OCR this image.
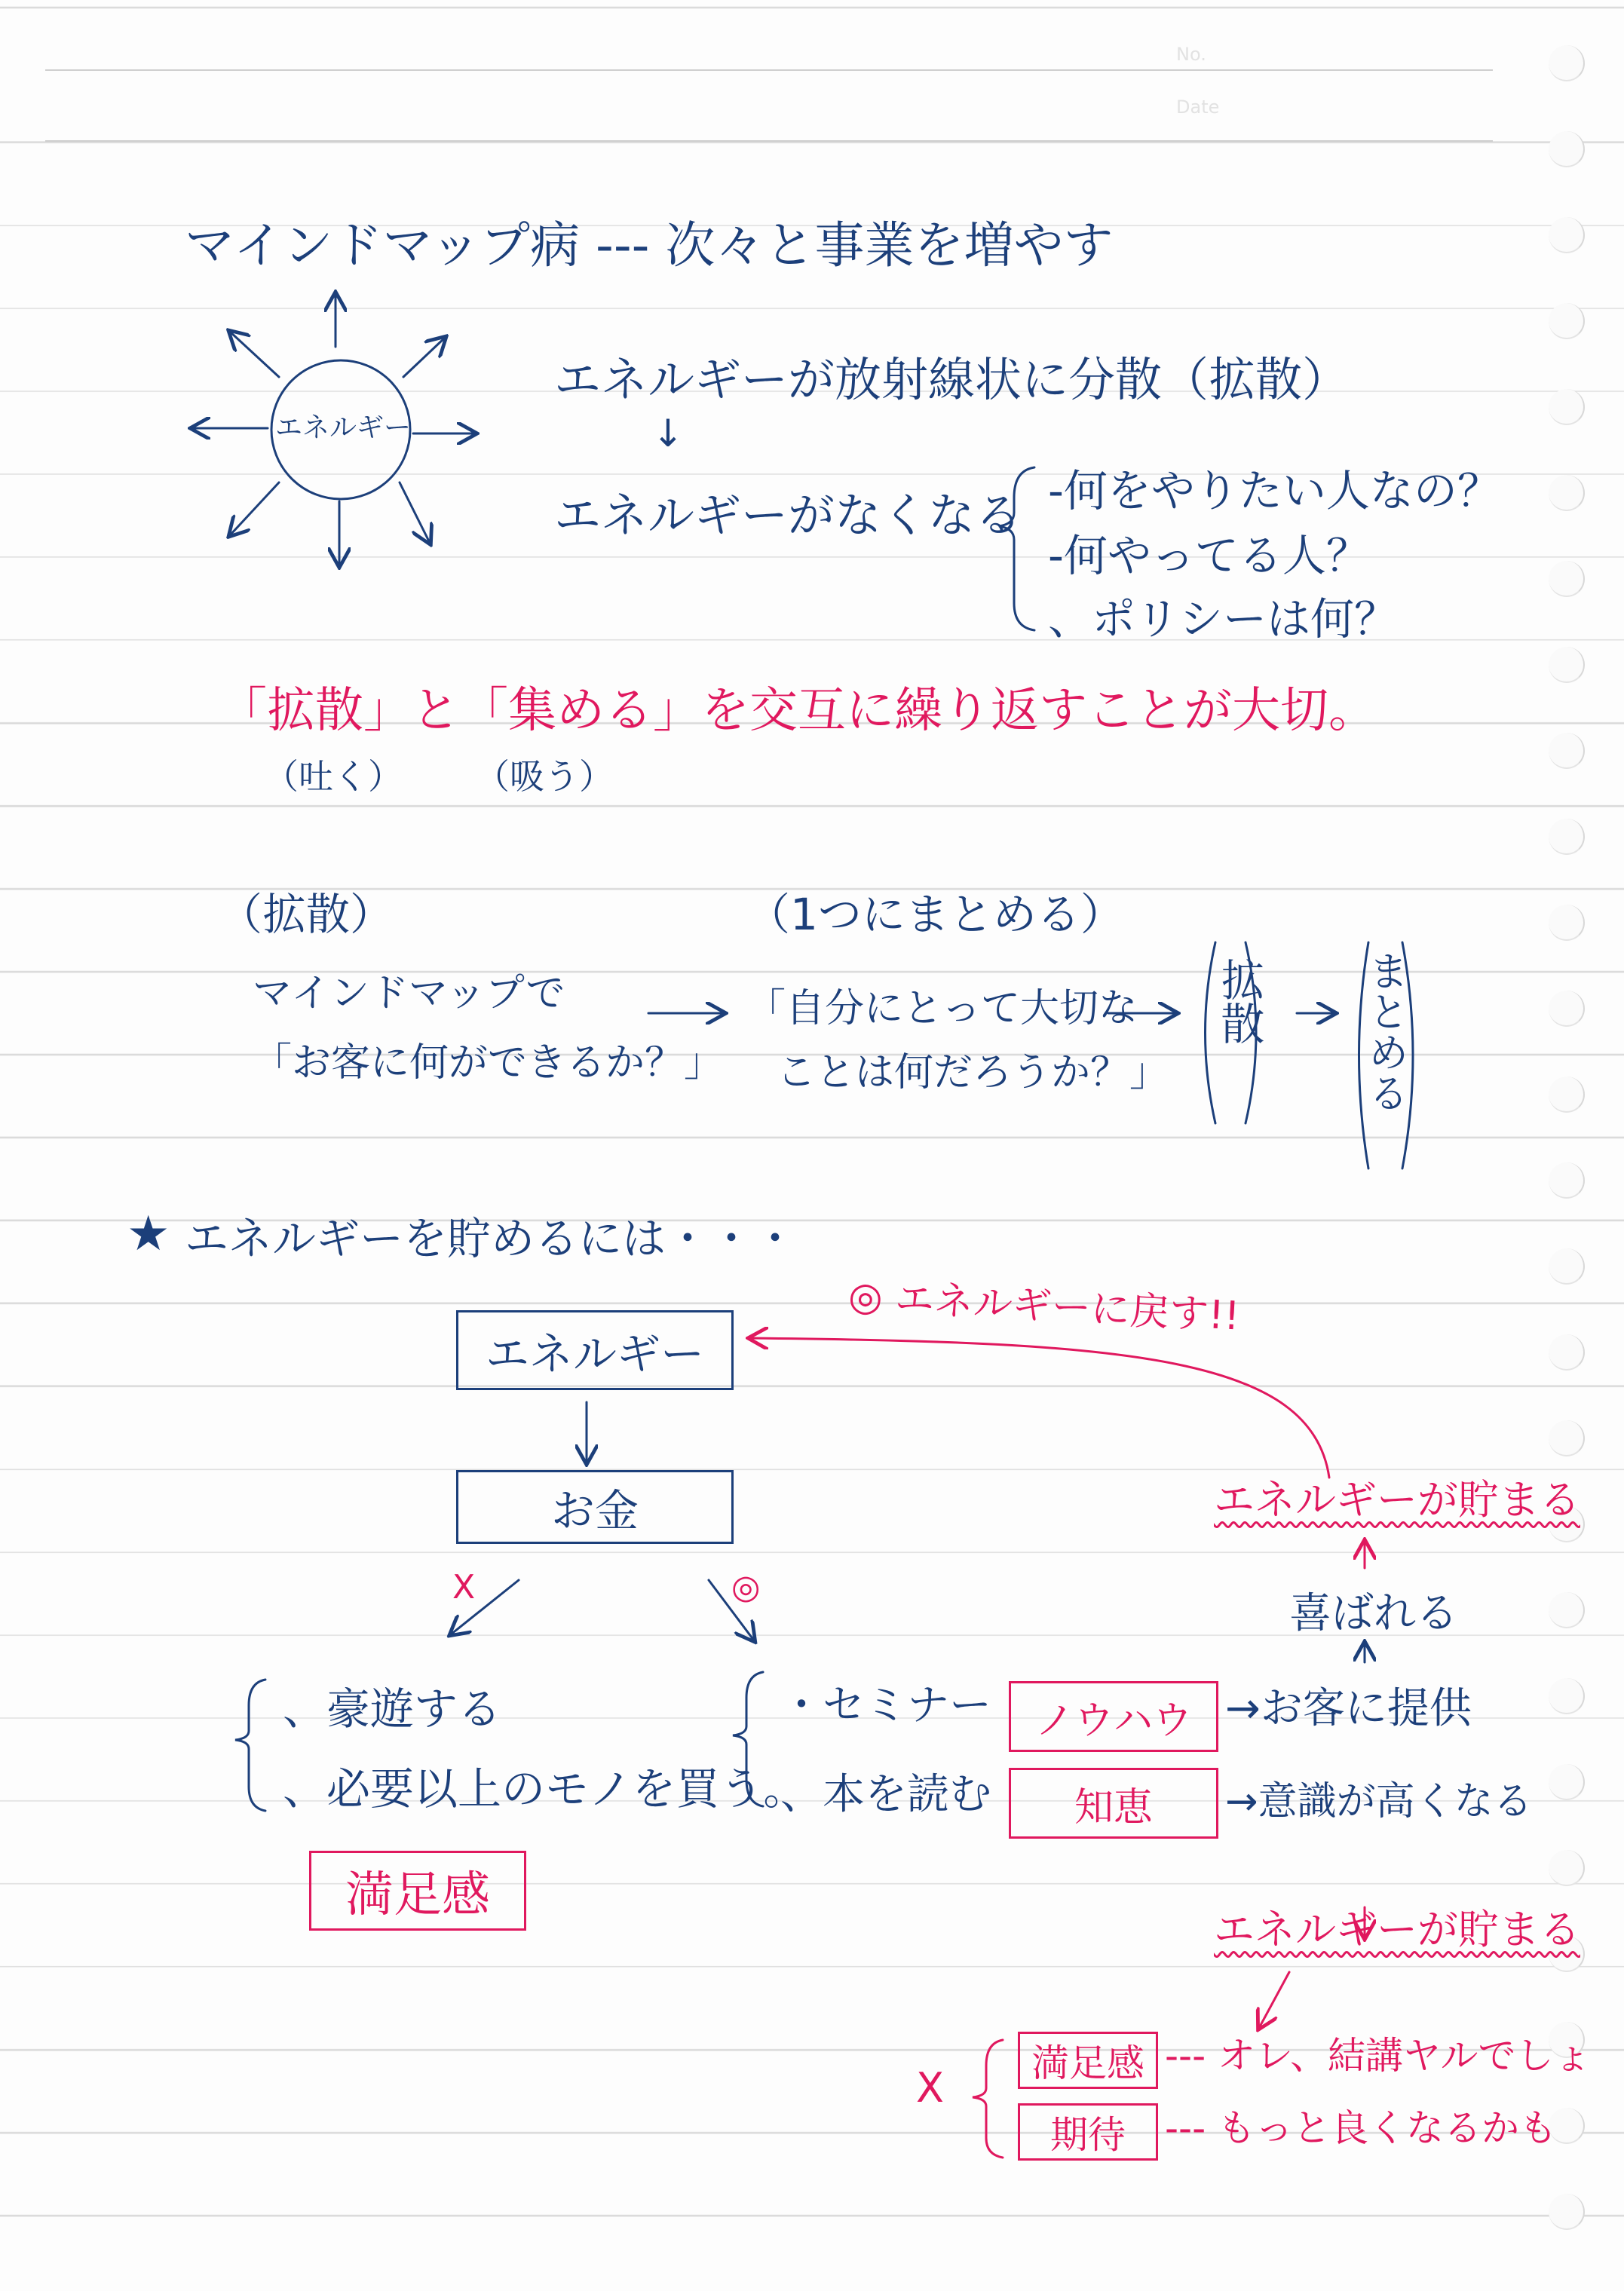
No.
Date
マインドマップ病 --- 次々と事業を増やす
エネルギー
エネルギーが放射線状に分散（拡散）
↓
エネルギーがなくなる -何をやりたい人なの？
-何やってる人？
、ポリシーは何？
「拡散」と「集める」を交互に繰り返すことが大切。
（吐く） （吸う）
（拡散）	（1つにまとめる）
マインドマップで
「お客に何ができるか？」
「自分にとって大切な
ことは何だろうか？」
拡散 まとめる
★ エネルギーを貯めるには・・・
エネルギー
お金
◎ エネルギーに戻す!!
X	◎
、豪遊する
、必要以上のモノを買う。
満足感
・セミナー
、本を読む
ノウハウ
知恵
→お客に提供
→意識が高くなる
喜ばれる
エネルギーが貯まる
エネルギーが貯まる
X
満足感 --- オレ、結講ヤルでしょ
期待	--- もっと良くなるかも
